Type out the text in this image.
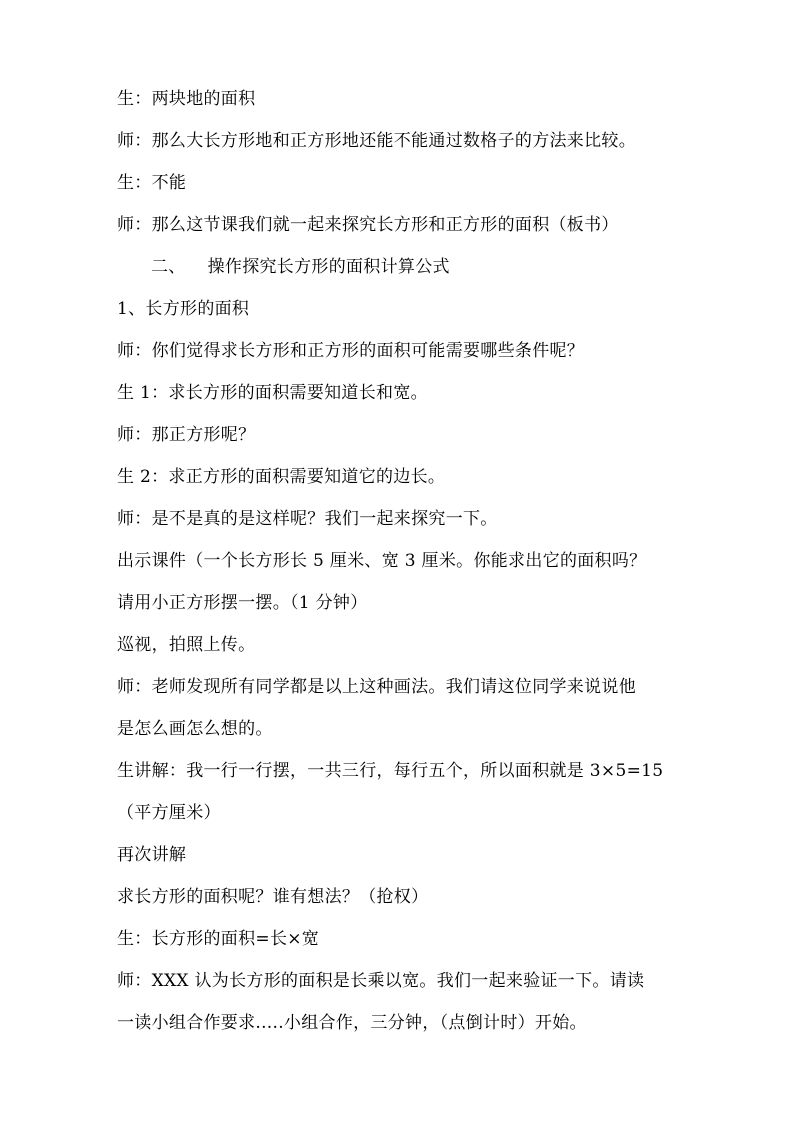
生：两块地的面积
师：那么大长方形地和正方形地还能不能通过数格子的方法来比较。
生：不能
师：那么这节课我们就一起来探究长方形和正方形的面积（板书）
二、 操作探究长方形的面积计算公式
1、长方形的面积
师：你们觉得求长方形和正方形的面积可能需要哪些条件呢？
生 1：求长方形的面积需要知道长和宽。
师：那正方形呢？
生 2：求正方形的面积需要知道它的边长。
师：是不是真的是这样呢？我们一起来探究一下。
出示课件（一个长方形长 5 厘米、宽 3 厘米。你能求出它的面积吗？
请用小正方形摆一摆。（1 分钟）
巡视，拍照上传。
师：老师发现所有同学都是以上这种画法。我们请这位同学来说说他
是怎么画怎么想的。
生讲解：我一行一行摆，一共三行，每行五个，所以面积就是 3×5=15
（平方厘米）
再次讲解
求长方形的面积呢？谁有想法？（抢权）
生：长方形的面积=长×宽
师：XXX 认为长方形的面积是长乘以宽。我们一起来验证一下。请读
一读小组合作要求.....小组合作，三分钟，（点倒计时）开始。
